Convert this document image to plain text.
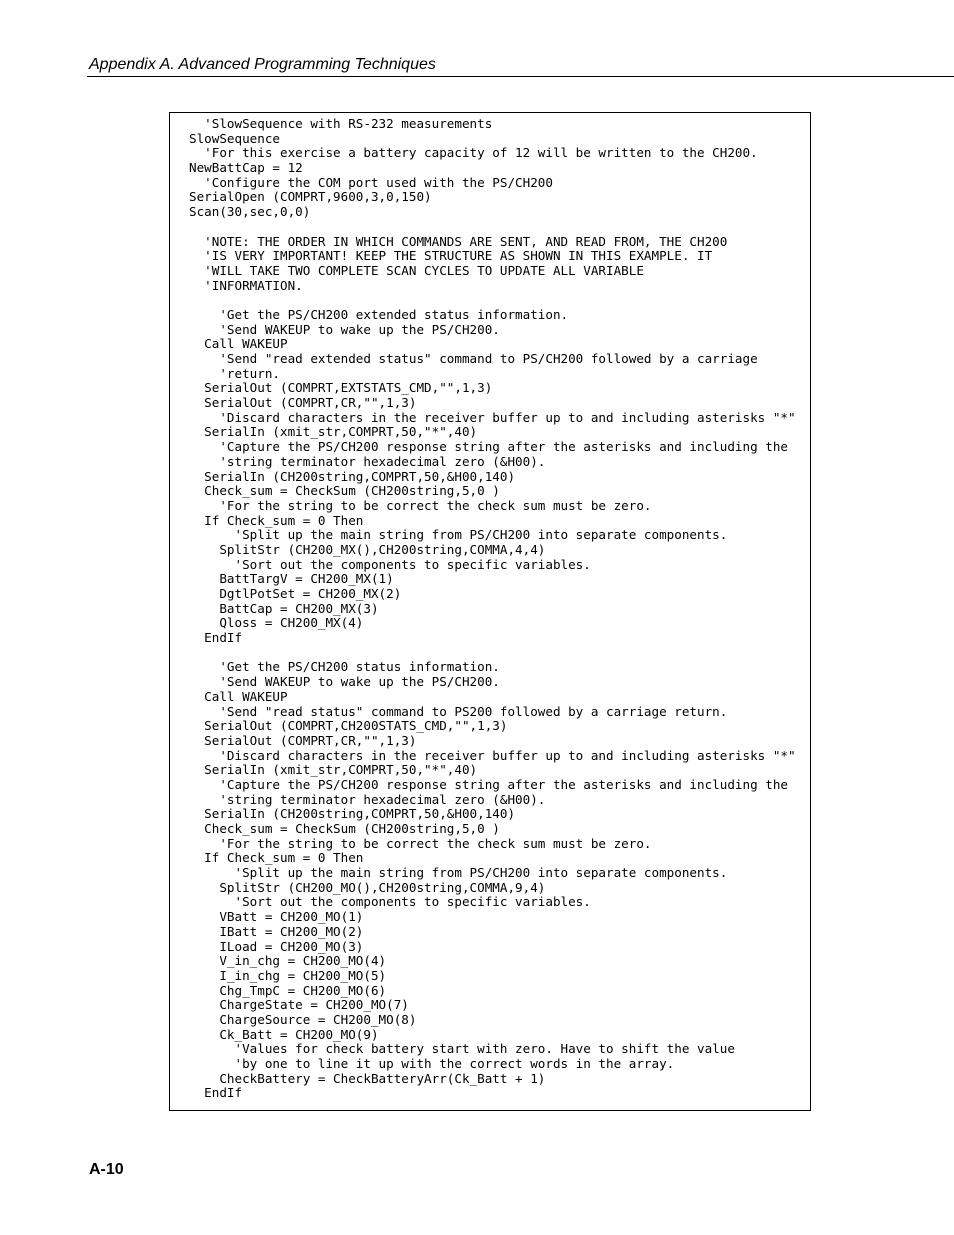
Appendix A. Advanced Programming Techniques
'SlowSequence with RS-232 measurements
SlowSequence
'For this exercise a battery capacity of 12 will be written to the CH200.
NewBattCap = 12
'Configure the COM port used with the PS/CH200
SerialOpen (COMPRT,9600,3,0,150)
Scan(30,sec,0,0)
'NOTE: THE ORDER IN WHICH COMMANDS ARE SENT, AND READ FROM, THE CH200
'IS VERY IMPORTANT! KEEP THE STRUCTURE AS SHOWN IN THIS EXAMPLE. IT
'WILL TAKE TWO COMPLETE SCAN CYCLES TO UPDATE ALL VARIABLE
'INFORMATION.
'Get the PS/CH200 extended status information.
'Send WAKEUP to wake up the PS/CH200.
Call WAKEUP
'Send "read extended status" command to PS/CH200 followed by a carriage
'return.
SerialOut (COMPRT,EXTSTATS_CMD,"",1,3)
SerialOut (COMPRT,CR,"",1,3)
'Discard characters in the receiver buffer up to and including asterisks "*"
SerialIn (xmit_str,COMPRT,50,"*",40)
'Capture the PS/CH200 response string after the asterisks and including the
'string terminator hexadecimal zero (&H00).
SerialIn (CH200string,COMPRT,50,&H00,140)
Check_sum = CheckSum (CH200string,5,0 )
'For the string to be correct the check sum must be zero.
If Check_sum = 0 Then
'Split up the main string from PS/CH200 into separate components.
SplitStr (CH200_MX(),CH200string,COMMA,4,4)
'Sort out the components to specific variables.
BattTargV = CH200_MX(1)
DgtlPotSet = CH200_MX(2)
BattCap = CH200_MX(3)
Qloss = CH200_MX(4)
EndIf
'Get the PS/CH200 status information.
'Send WAKEUP to wake up the PS/CH200.
Call WAKEUP
'Send "read status" command to PS200 followed by a carriage return.
SerialOut (COMPRT,CH200STATS_CMD,"",1,3)
SerialOut (COMPRT,CR,"",1,3)
'Discard characters in the receiver buffer up to and including asterisks "*"
SerialIn (xmit_str,COMPRT,50,"*",40)
'Capture the PS/CH200 response string after the asterisks and including the
'string terminator hexadecimal zero (&H00).
SerialIn (CH200string,COMPRT,50,&H00,140)
Check_sum = CheckSum (CH200string,5,0 )
'For the string to be correct the check sum must be zero.
If Check_sum = 0 Then
'Split up the main string from PS/CH200 into separate components.
SplitStr (CH200_MO(),CH200string,COMMA,9,4)
'Sort out the components to specific variables.
VBatt = CH200_MO(1)
IBatt = CH200_MO(2)
ILoad = CH200_MO(3)
V_in_chg = CH200_MO(4)
I_in_chg = CH200_MO(5)
Chg_TmpC = CH200_MO(6)
ChargeState = CH200_MO(7)
ChargeSource = CH200_MO(8)
Ck_Batt = CH200_MO(9)
'Values for check battery start with zero. Have to shift the value
'by one to line it up with the correct words in the array.
CheckBattery = CheckBatteryArr(Ck_Batt + 1)
EndIf
A-10
